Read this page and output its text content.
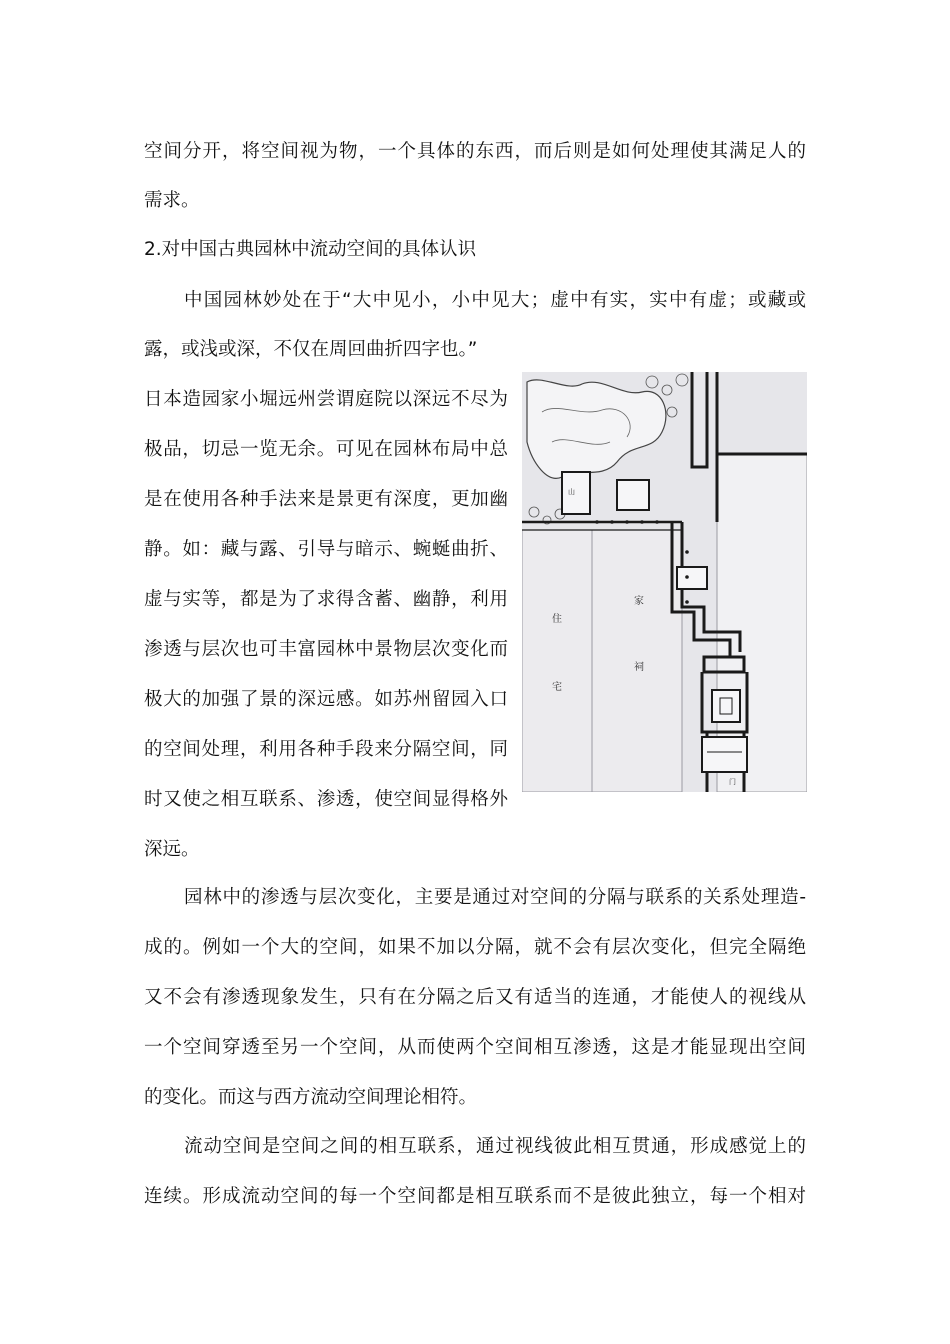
空间分开，将空间视为物，一个具体的东西，而后则是如何处理使其满足人的
需求。
2.对中国古典园林中流动空间的具体认识
中国园林妙处在于“大中见小，小中见大；虚中有实，实中有虚；或藏或
露，或浅或深，不仅在周回曲折四字也。”
日本造园家小堀远州尝谓庭院以深远不尽为
极品，切忌一览无余。可见在园林布局中总
是在使用各种手法来是景更有深度，更加幽
静。如：藏与露、引导与暗示、蜿蜒曲折、
虚与实等，都是为了求得含蓄、幽静，利用
渗透与层次也可丰富园林中景物层次变化而
极大的加强了景的深远感。如苏州留园入口
的空间处理，利用各种手段来分隔空间，同
时又使之相互联系、渗透，使空间显得格外
深远。
园林中的渗透与层次变化，主要是通过对空间的分隔与联系的关系处理造-
成的。例如一个大的空间，如果不加以分隔，就不会有层次变化，但完全隔绝
又不会有渗透现象发生，只有在分隔之后又有适当的连通，才能使人的视线从
一个空间穿透至另一个空间，从而使两个空间相互渗透，这是才能显现出空间
的变化。而这与西方流动空间理论相符。
流动空间是空间之间的相互联系，通过视线彼此相互贯通，形成感觉上的
连续。形成流动空间的每一个空间都是相互联系而不是彼此独立，每一个相对
住
宅
家
祠
山
门
